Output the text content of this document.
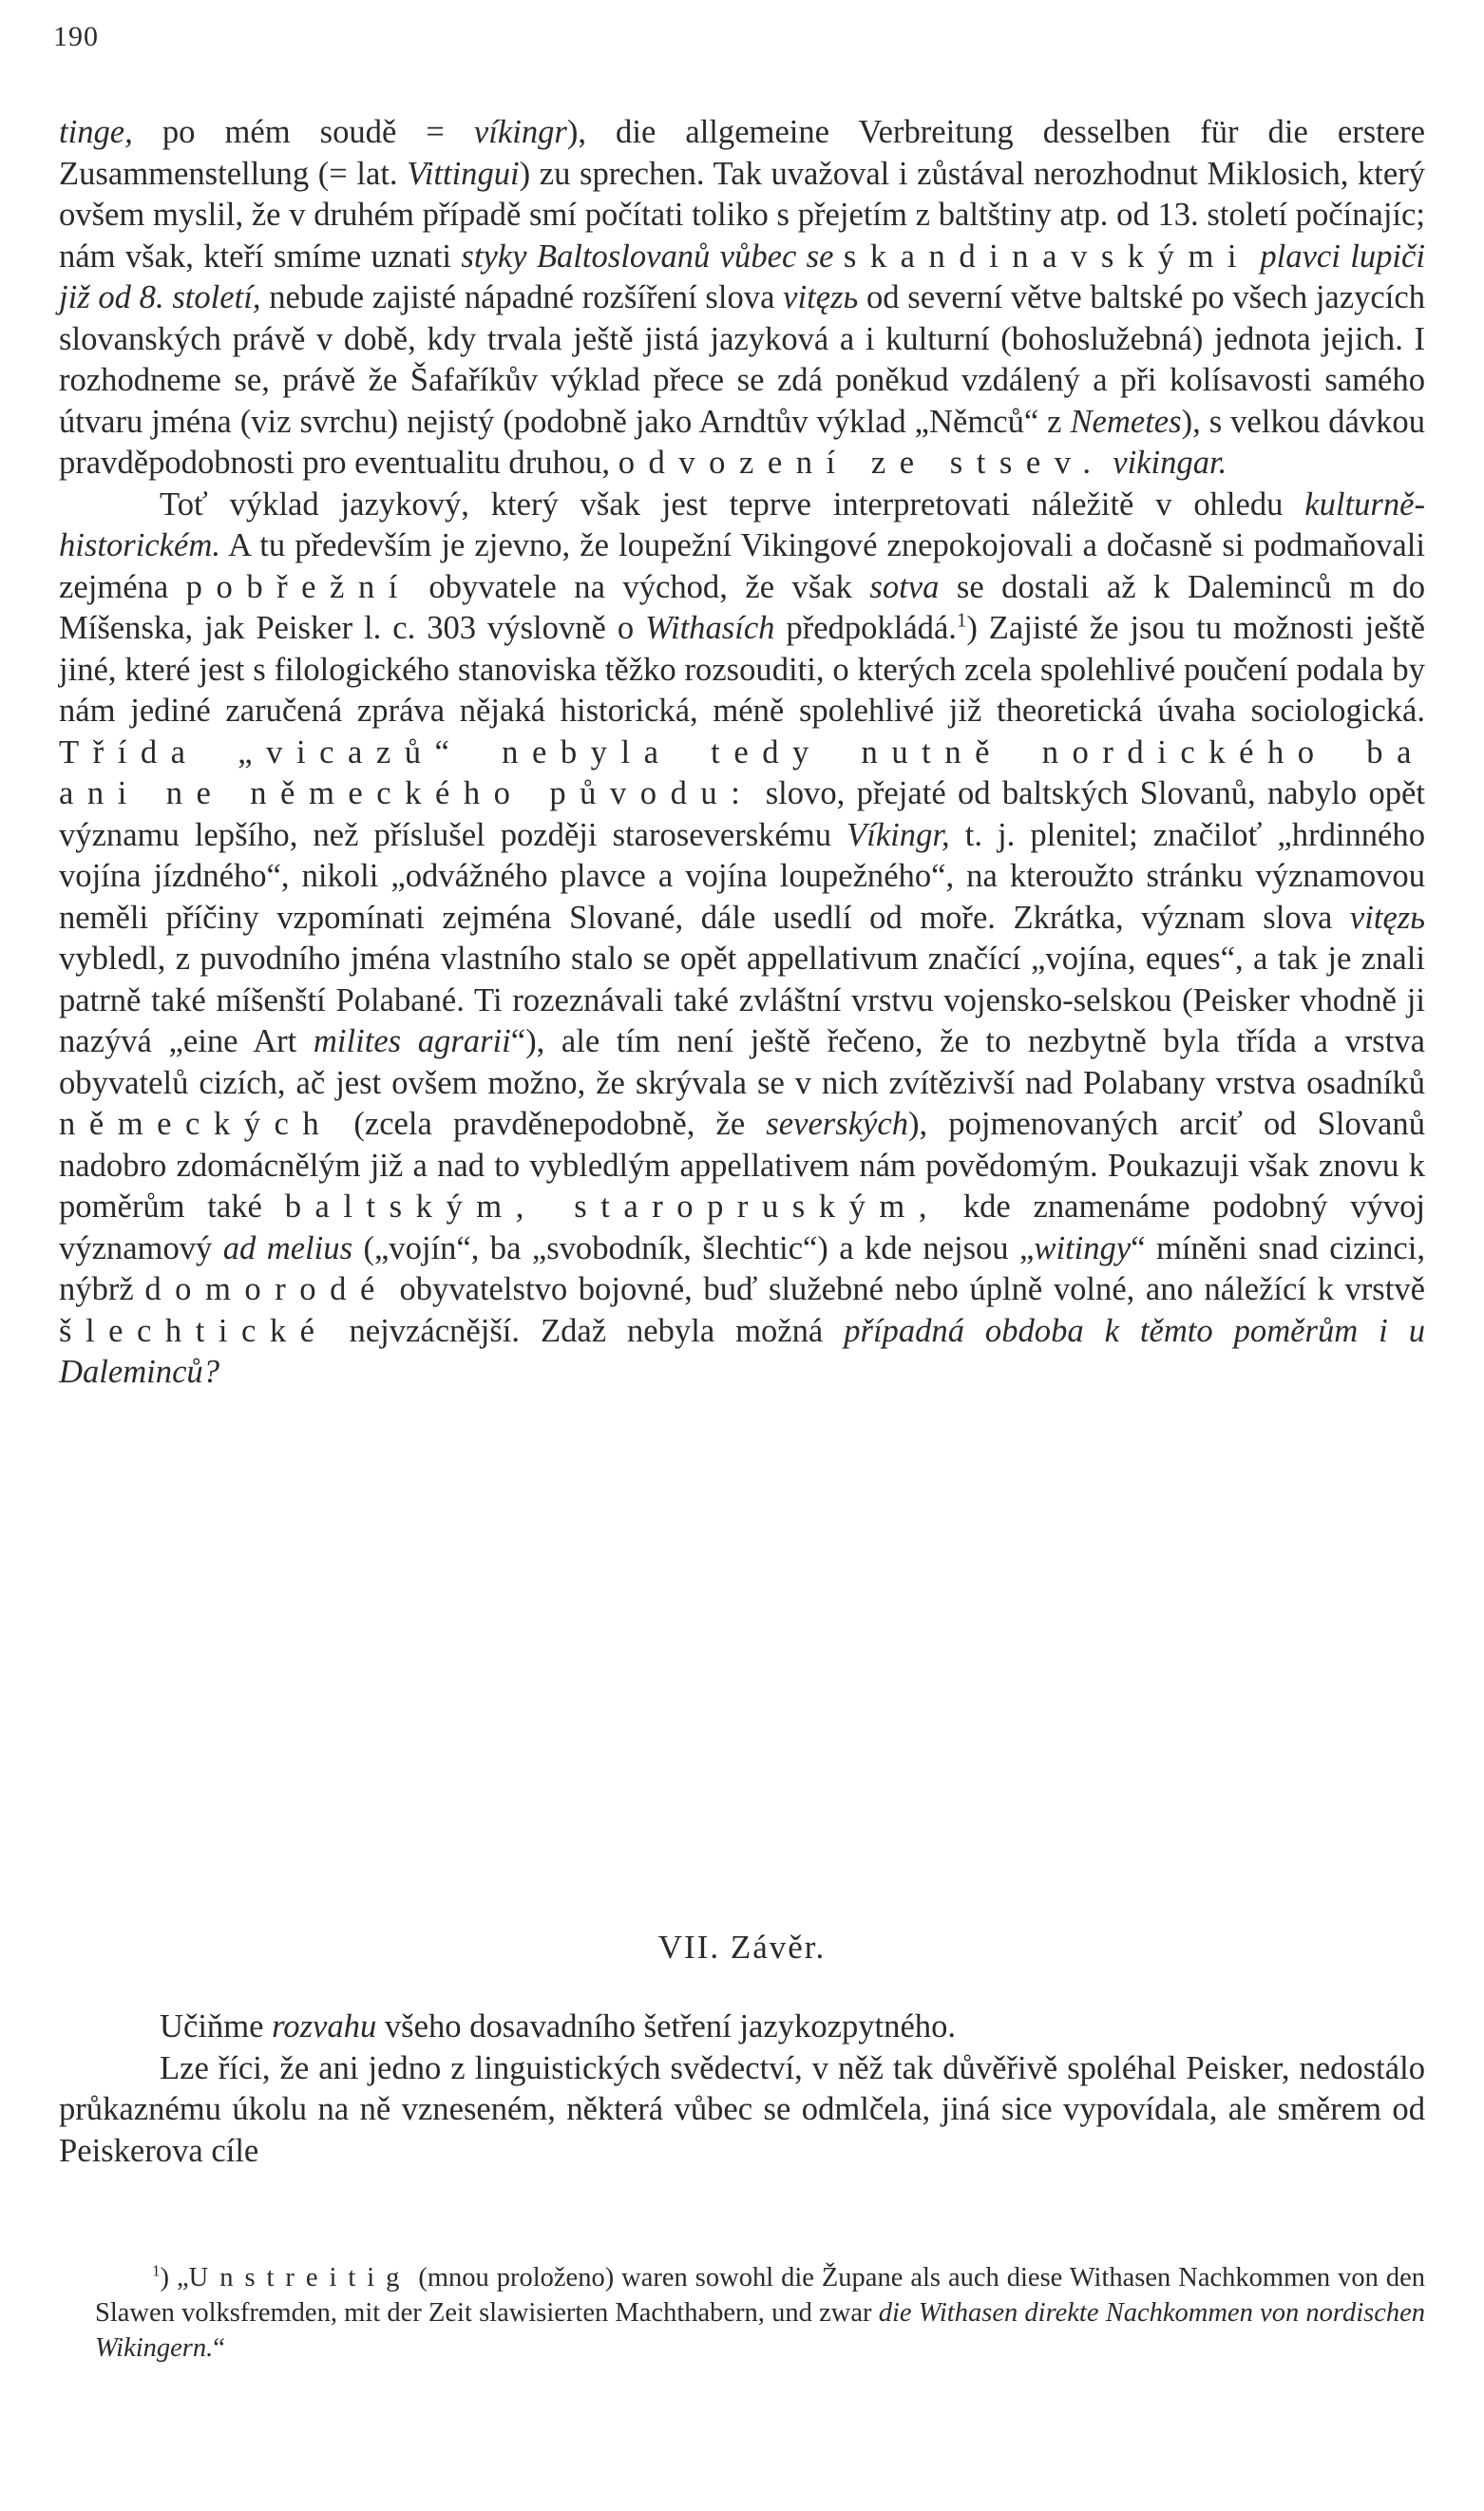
190

tinge, po mém soudě = víkingr), die allgemeine Verbreitung desselben für die erstere Zusammenstellung (= lat. Vittingui) zu sprechen. Tak uvažoval i zůstával nerozhodnut Miklosich, který ovšem myslil, že v druhém případě smí počítati toliko s přejetím z baltštiny atp. od 13. století počínajíc; nám však, kteří smíme uznati styky Baltoslovanů vůbec se skandinavskými plavci lupiči již od 8. století, nebude zajisté nápadné rozšíření slova vitęzь od severní větve baltské po všech jazycích slovanských právě v době, kdy trvala ještě jistá jazyková a i kulturní (bohoslužebná) jednota jejich. I rozhodneme se, právě že Šafaříkův výklad přece se zdá poněkud vzdálený a při kolísavosti samého útvaru jména (viz svrchu) nejistý (podobně jako Arndtův výklad „Němců“ z Nemetes), s velkou dávkou pravděpodobnosti pro eventualitu druhou, odvození ze stsev. vikingar.

Toť výklad jazykový, který však jest teprve interpretovati náležitě v ohledu kulturně-historickém. A tu především je zjevno, že loupežní Vikingové znepokojovali a dočasně si podmaňovali zejména pobřežní obyvatele na východ, že však sotva se dostali až k Daleminců m do Míšenska, jak Peisker l. c. 303 výslovně o Withasích předpokládá.$^1$) Zajisté že jsou tu možnosti ještě jiné, které jest s filologického stanoviska těžko rozsouditi, o kterých zcela spolehlivé poučení podala by nám jediné zaručená zpráva nějaká historická, méně spolehlivé již theoretická úvaha sociologická. Třída „vicazů“ nebyla tedy nutně nordického ba ani ne německého původu: slovo, přejaté od baltských Slovanů, nabylo opět významu lepšího, než příslušel později staroseverskému Víkingr, t. j. plenitel; značiloť „hrdinného vojína jízdného“, nikoli „odvážného plavce a vojína loupežného“, na kteroužto stránku významovou neměli příčiny vzpomínati zejména Slované, dále usedlí od moře. Zkrátka, význam slova vitęzь vybledl, z puvodního jména vlastního stalo se opět appellativum značící „vojína, eques“, a tak je znali patrně také míšenští Polabané. Ti rozeznávali také zvláštní vrstvu vojensko-selskou (Peisker vhodně ji nazývá „eine Art milites agrarii“), ale tím není ještě řečeno, že to nezbytně byla třída a vrstva obyvatelů cizích, ač jest ovšem možno, že skrývala se v nich zvítězivší nad Polabany vrstva osadníků německých (zcela pravděnepodobně, že severských), pojmenovaných arciť od Slovanů nadobro zdomácnělým již a nad to vybledlým appellativem nám povědomým. Poukazuji však znovu k poměrům také baltským, staropruským, kde znamenáme podobný vývoj významový ad melius („vojín“, ba „svobodník, šlechtic“) a kde nejsou „witingy“ míněni snad cizinci, nýbrž domorodé obyvatelstvo bojovné, buď služebné nebo úplně volné, ano náležící k vrstvě šlechtické nejvzácnější. Zdaž nebyla možná případná obdoba k těmto poměrům i u Daleminců?

VII. Závěr.

Učiňme rozvahu všeho dosavadního šetření jazykozpytného.

Lze říci, že ani jedno z linguistických svědectví, v něž tak důvěřivě spoléhal Peisker, nedostálo průkaznému úkolu na ně vzneseném, některá vůbec se odmlčela, jiná sice vypovídala, ale směrem od Peiskerova cíle

$^1$) „Unstreitig (mnou proloženo) waren sowohl die Župane als auch diese Withasen Nachkommen von den Slawen volksfremden, mit der Zeit slawisierten Machthabern, und zwar die Withasen direkte Nachkommen von nordischen Wikingern.“
